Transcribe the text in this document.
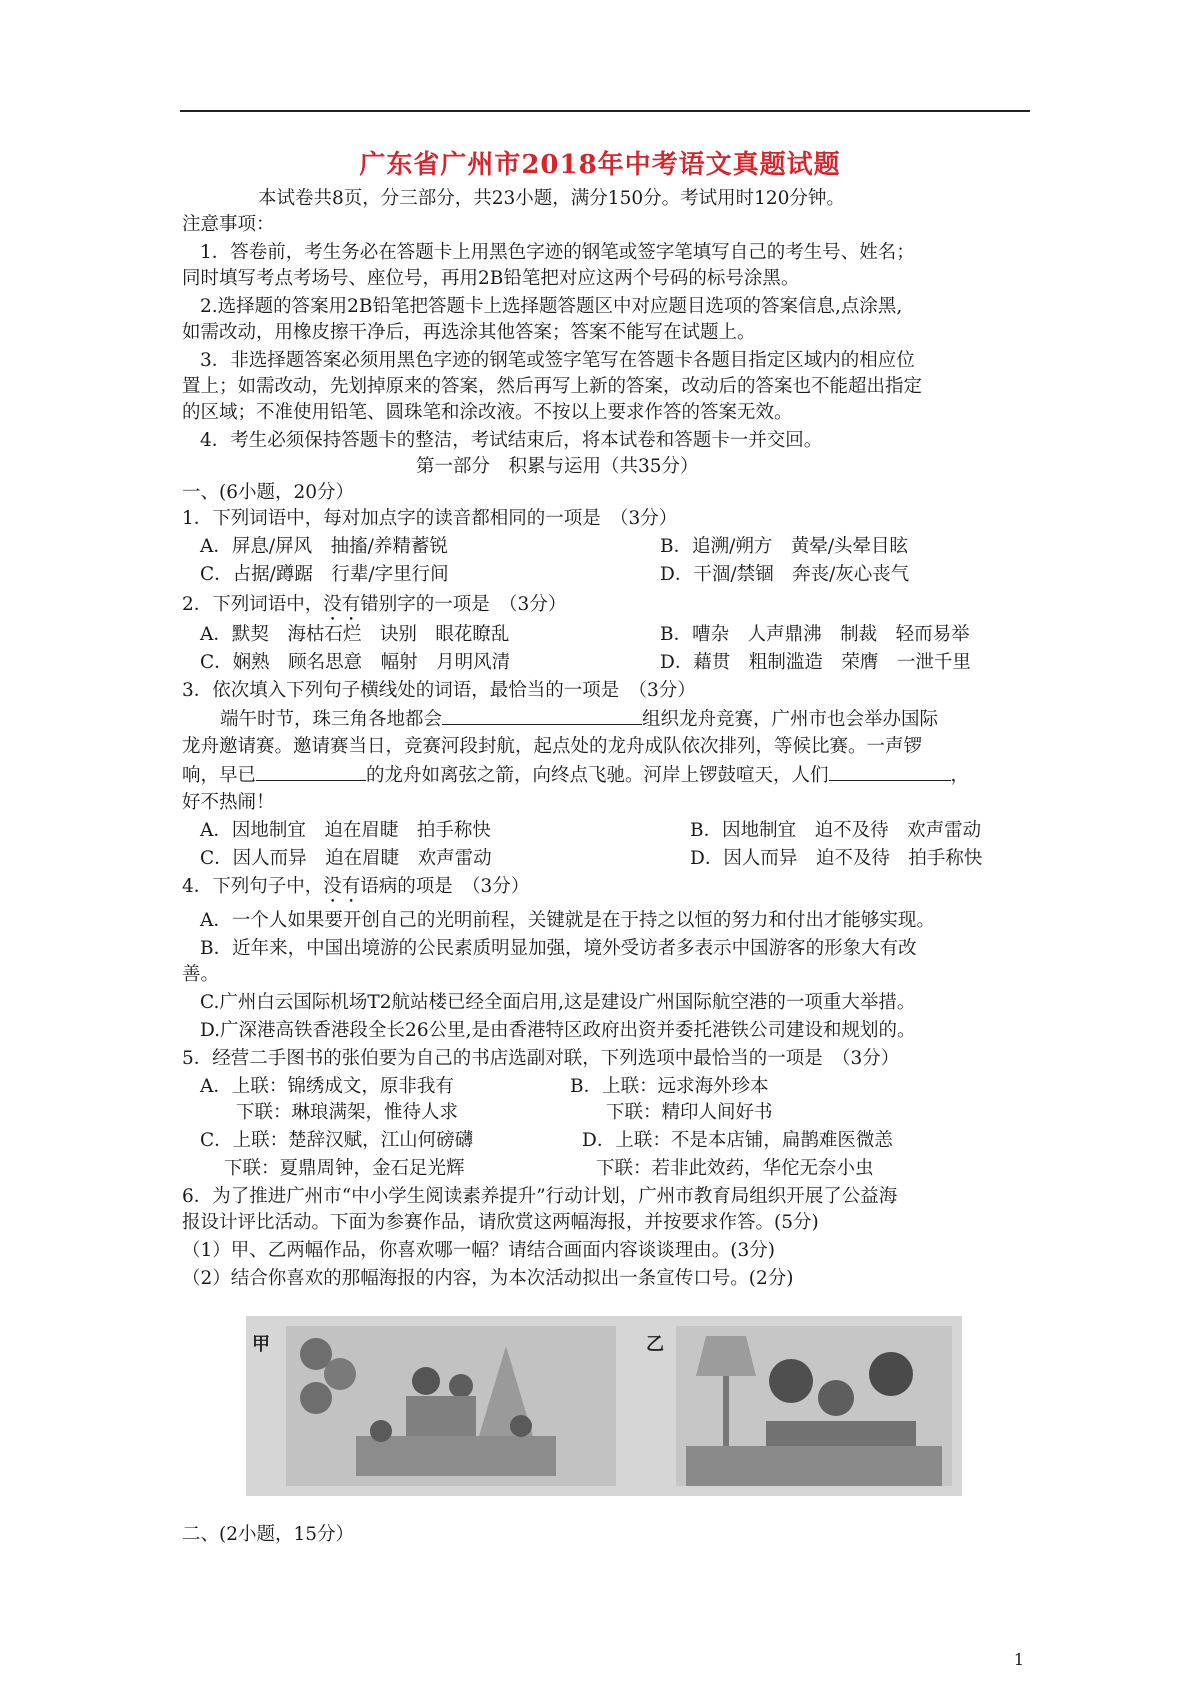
广东省广州市2018年中考语文真题试题
本试卷共8页，分三部分，共23小题，满分150分。考试用时120分钟。
注意事项：
1．答卷前，考生务必在答题卡上用黑色字迹的钢笔或签字笔填写自己的考生号、姓名；
同时填写考点考场号、座位号，再用2B铅笔把对应这两个号码的标号涂黑。
2.选择题的答案用2B铅笔把答题卡上选择题答题区中对应题目选项的答案信息,点涂黑,
如需改动，用橡皮擦干净后，再选涂其他答案；答案不能写在试题上。
3．非选择题答案必须用黑色字迹的钢笔或签字笔写在答题卡各题目指定区域内的相应位
置上；如需改动，先划掉原来的答案，然后再写上新的答案，改动后的答案也不能超出指定
的区域；不准使用铅笔、圆珠笔和涂改液。不按以上要求作答的答案无效。
4．考生必须保持答题卡的整洁，考试结束后，将本试卷和答题卡一并交回。
第一部分　积累与运用（共35分）
一、(6小题，20分）
1．下列词语中，每对加点字的读音都相同的一项是　（3分）
A．屏息/屏风　抽搐/养精蓄锐	B．追溯/朔方　黄晕/头晕目眩
C．占据/蹲踞　行辈/字里行间	D．干涸/禁锢　奔丧/灰心丧气
2．下列词语中，没有错别字的一项是　（3分）
A．默契　海枯石烂　诀别　眼花瞭乱	B．嘈杂　人声鼎沸　制裁　轻而易举
C．娴熟　顾名思意　幅射　月明风清	D．藉贯　粗制滥造　荣膺　一泄千里
3．依次填入下列句子横线处的词语，最恰当的一项是　（3分）
端午时节，珠三角各地都会	组织龙舟竞赛，广州市也会举办国际
龙舟邀请赛。邀请赛当日，竞赛河段封航，起点处的龙舟成队依次排列，等候比赛。一声锣
响，早已	的龙舟如离弦之箭，向终点飞驰。河岸上锣鼓喧天，人们	，
好不热闹！
A．因地制宜　迫在眉睫　拍手称快	B．因地制宜　迫不及待　欢声雷动
C．因人而异　迫在眉睫　欢声雷动	D．因人而异　迫不及待　拍手称快
4．下列句子中，没有语病的项是　（3分）
A．一个人如果要开创自己的光明前程，关键就是在于持之以恒的努力和付出才能够实现。
B．近年来，中国出境游的公民素质明显加强，境外受访者多表示中国游客的形象大有改
善。
C.广州白云国际机场T2航站楼已经全面启用,这是建设广州国际航空港的一项重大举措。
D.广深港高铁香港段全长26公里,是由香港特区政府出资并委托港铁公司建设和规划的。
5．经营二手图书的张伯要为自己的书店选副对联，下列选项中最恰当的一项是　（3分）
A．上联：锦绣成文，原非我有	B．上联：远求海外珍本
下联：琳琅满架，惟待人求	下联：精印人间好书
C．上联：楚辞汉赋，江山何磅礴	D．上联：不是本店铺，扁鹊难医微恙
下联：夏鼎周钟，金石足光辉	下联：若非此效药，华佗无奈小虫
6．为了推进广州市“中小学生阅读素养提升”行动计划，广州市教育局组织开展了公益海
报设计评比活动。下面为参赛作品，请欣赏这两幅海报，并按要求作答。(5分)
（1）甲、乙两幅作品，你喜欢哪一幅？请结合画面内容谈谈理由。(3分)
（2）结合你喜欢的那幅海报的内容，为本次活动拟出一条宣传口号。(2分)
甲	乙
二、(2小题，15分）
1
